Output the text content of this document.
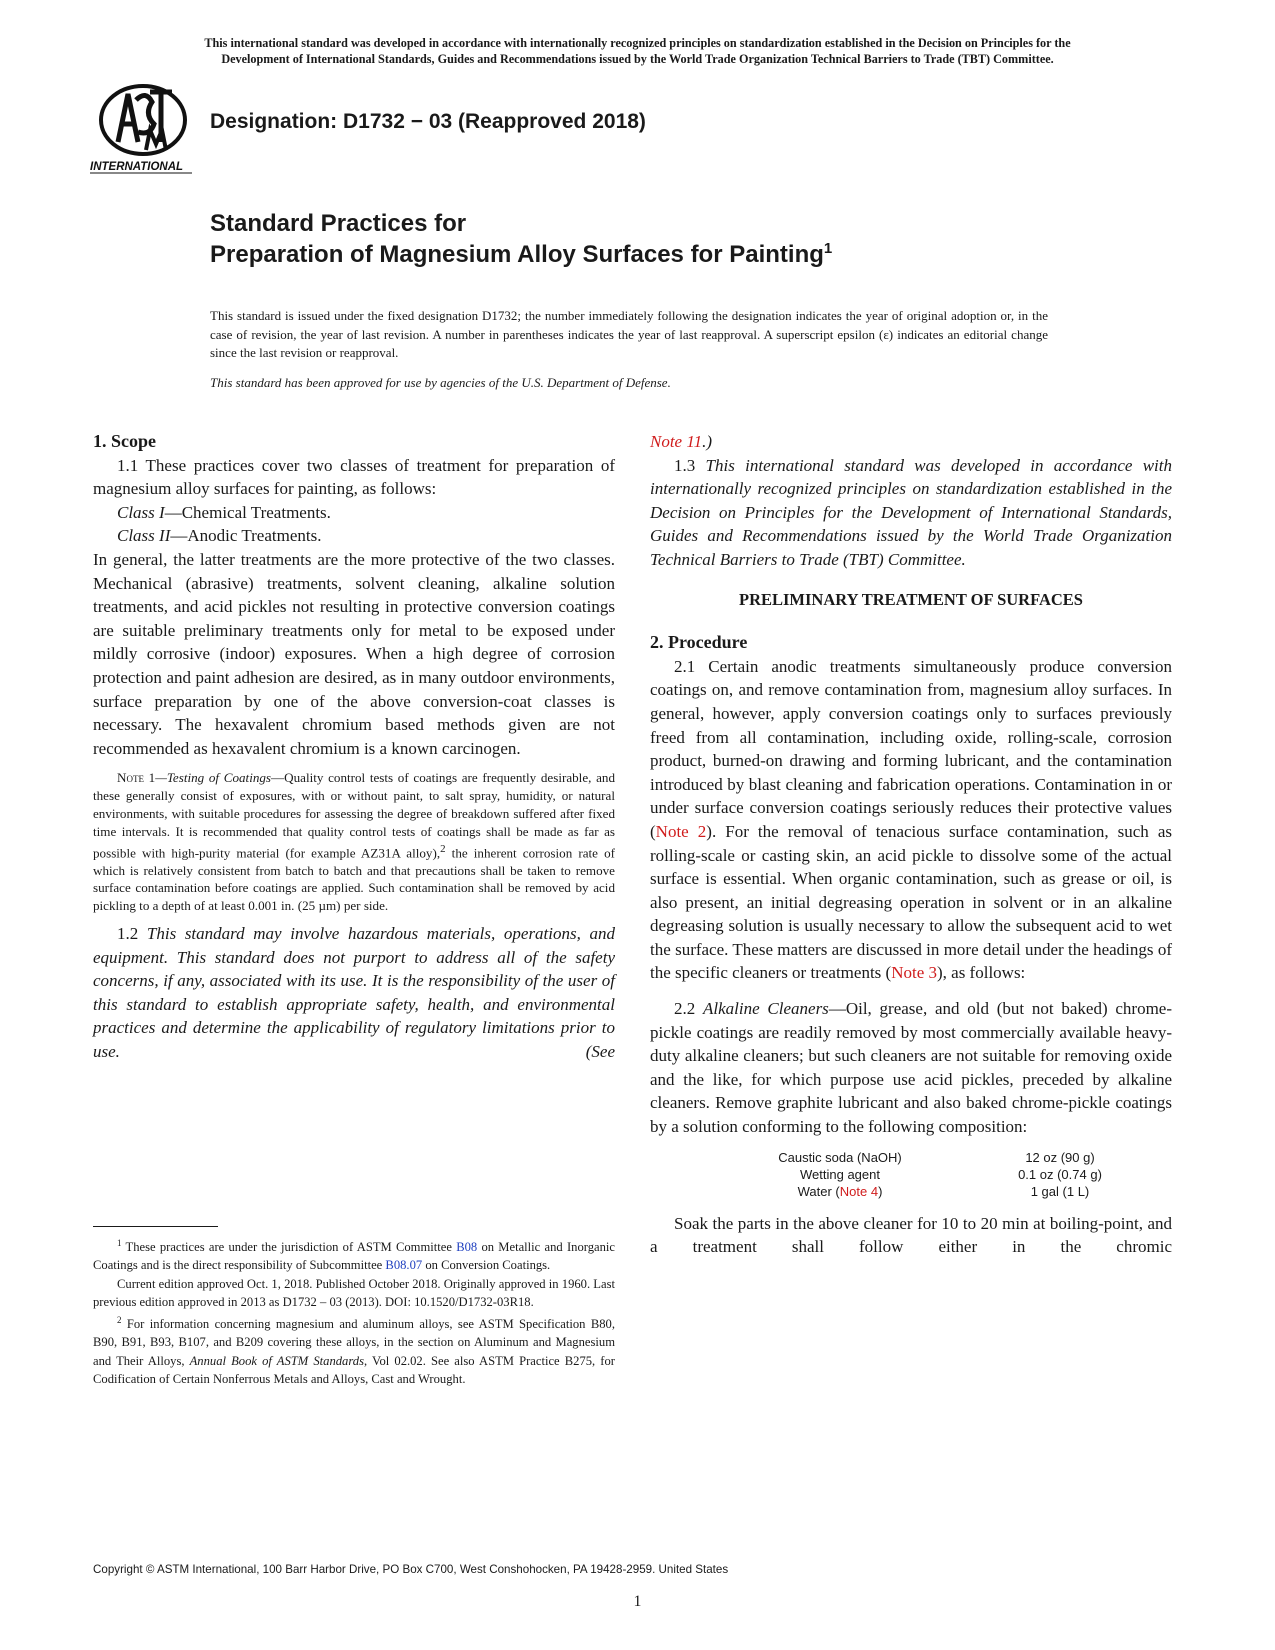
This international standard was developed in accordance with internationally recognized principles on standardization established in the Decision on Principles for the
Development of International Standards, Guides and Recommendations issued by the World Trade Organization Technical Barriers to Trade (TBT) Committee.
INTERNATIONAL
Designation: D1732 − 03 (Reapproved 2018)
Standard Practices for
Preparation of Magnesium Alloy Surfaces for Painting$^1$
This standard is issued under the fixed designation D1732; the number immediately following the designation indicates the year of original adoption or, in the case of revision, the year of last revision. A number in parentheses indicates the year of last reapproval. A superscript epsilon (ε) indicates an editorial change since the last revision or reapproval.
This standard has been approved for use by agencies of the U.S. Department of Defense.

1. Scope

1.1 These practices cover two classes of treatment for preparation of magnesium alloy surfaces for painting, as follows:

Class I—Chemical Treatments.

Class II—Anodic Treatments.

In general, the latter treatments are the more protective of the two classes. Mechanical (abrasive) treatments, solvent cleaning, alkaline solution treatments, and acid pickles not resulting in protective conversion coatings are suitable preliminary treatments only for metal to be exposed under mildly corrosive (indoor) exposures. When a high degree of corrosion protection and paint adhesion are desired, as in many outdoor environments, surface preparation by one of the above conversion-coat classes is necessary. The hexavalent chromium based methods given are not recommended as hexavalent chromium is a known carcinogen.

Note 1—Testing of Coatings—Quality control tests of coatings are frequently desirable, and these generally consist of exposures, with or without paint, to salt spray, humidity, or natural environments, with suitable procedures for assessing the degree of breakdown suffered after fixed time intervals. It is recommended that quality control tests of coatings shall be made as far as possible with high-purity material (for example AZ31A alloy),$^2$ the inherent corrosion rate of which is relatively consistent from batch to batch and that precautions shall be taken to remove surface contamination before coatings are applied. Such contamination shall be removed by acid pickling to a depth of at least 0.001 in. (25 µm) per side.

1.2 This standard may involve hazardous materials, operations, and equipment. This standard does not purport to address all of the safety concerns, if any, associated with its use. It is the responsibility of the user of this standard to establish appropriate safety, health, and environmental practices and determine the applicability of regulatory limitations prior to use. (See

Note 11.)

1.3 This international standard was developed in accordance with internationally recognized principles on standardization established in the Decision on Principles for the Development of International Standards, Guides and Recommendations issued by the World Trade Organization Technical Barriers to Trade (TBT) Committee.

PRELIMINARY TREATMENT OF SURFACES

2. Procedure

2.1 Certain anodic treatments simultaneously produce conversion coatings on, and remove contamination from, magnesium alloy surfaces. In general, however, apply conversion coatings only to surfaces previously freed from all contamination, including oxide, rolling-scale, corrosion product, burned-on drawing and forming lubricant, and the contamination introduced by blast cleaning and fabrication operations. Contamination in or under surface conversion coatings seriously reduces their protective values (Note 2). For the removal of tenacious surface contamination, such as rolling-scale or casting skin, an acid pickle to dissolve some of the actual surface is essential. When organic contamination, such as grease or oil, is also present, an initial degreasing operation in solvent or in an alkaline degreasing solution is usually necessary to allow the subsequent acid to wet the surface. These matters are discussed in more detail under the headings of the specific cleaners or treatments (Note 3), as follows:

2.2 Alkaline Cleaners—Oil, grease, and old (but not baked) chrome-pickle coatings are readily removed by most commercially available heavy-duty alkaline cleaners; but such cleaners are not suitable for removing oxide and the like, for which purpose use acid pickles, preceded by alkaline cleaners. Remove graphite lubricant and also baked chrome-pickle coatings by a solution conforming to the following composition:

Caustic soda (NaOH)	12 oz (90 g)
Wetting agent	0.1 oz (0.74 g)
Water (Note 4)	1 gal (1 L)

Soak the parts in the above cleaner for 10 to 20 min at boiling-point, and a treatment shall follow either in the chromic

$^1$ These practices are under the jurisdiction of ASTM Committee B08 on Metallic and Inorganic Coatings and is the direct responsibility of Subcommittee B08.07 on Conversion Coatings.

Current edition approved Oct. 1, 2018. Published October 2018. Originally approved in 1960. Last previous edition approved in 2013 as D1732 – 03 (2013). DOI: 10.1520/D1732-03R18.

$^2$ For information concerning magnesium and aluminum alloys, see ASTM Specification B80, B90, B91, B93, B107, and B209 covering these alloys, in the section on Aluminum and Magnesium and Their Alloys, Annual Book of ASTM Standards, Vol 02.02. See also ASTM Practice B275, for Codification of Certain Nonferrous Metals and Alloys, Cast and Wrought.

Copyright © ASTM International, 100 Barr Harbor Drive, PO Box C700, West Conshohocken, PA 19428-2959. United States
1
